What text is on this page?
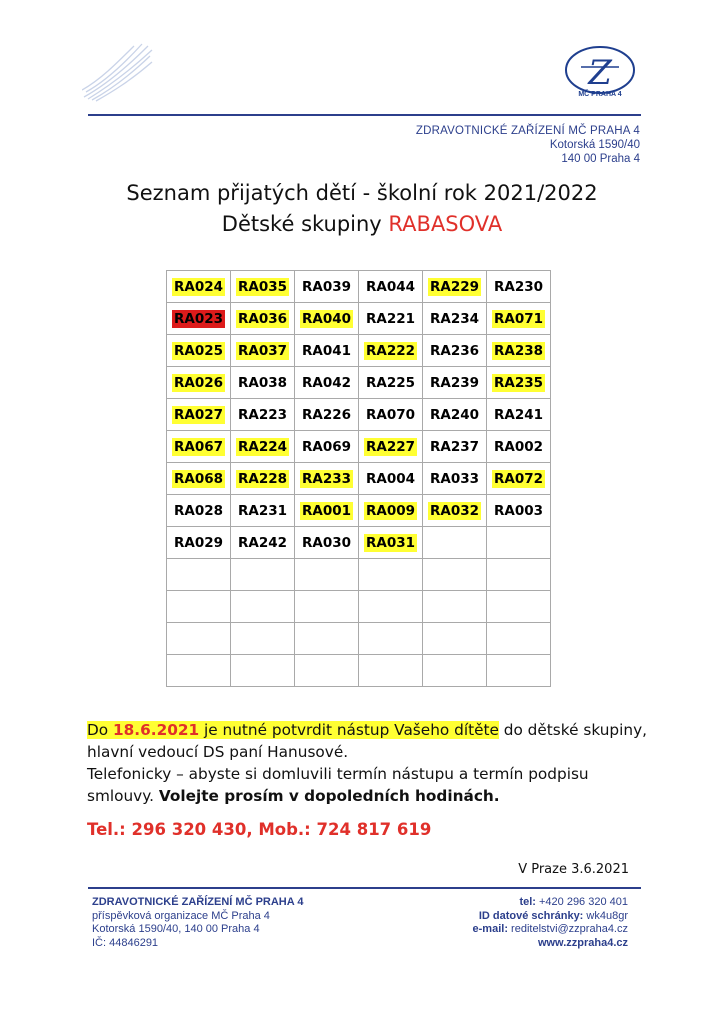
Z
MČ PRAHA 4
ZDRAVOTNICKÉ ZAŘÍZENÍ MČ PRAHA 4
Kotorská 1590/40
140 00 Praha 4
Seznam přijatých dětí - školní rok 2021/2022
Dětské skupiny RABASOVA
RA024	RA035	RA039	RA044	RA229	RA230
RA023	RA036	RA040	RA221	RA234	RA071
RA025	RA037	RA041	RA222	RA236	RA238
RA026	RA038	RA042	RA225	RA239	RA235
RA027	RA223	RA226	RA070	RA240	RA241
RA067	RA224	RA069	RA227	RA237	RA002
RA068	RA228	RA233	RA004	RA033	RA072
RA028	RA231	RA001	RA009	RA032	RA003
RA029	RA242	RA030	RA031		

Do 18.6.2021 je nutné potvrdit nástup Vašeho dítěte do dětské skupiny, hlavní vedoucí DS paní Hanusové.
Telefonicky – abyste si domluvili termín nástupu a termín podpisu smlouvy. Volejte prosím v dopoledních hodinách.
Tel.: 296 320 430, Mob.: 724 817 619
V Praze 3.6.2021
ZDRAVOTNICKÉ ZAŘÍZENÍ MČ PRAHA 4
příspěvková organizace MČ Praha 4
Kotorská 1590/40, 140 00 Praha 4
IČ: 44846291
tel: +420 296 320 401
ID datové schránky: wk4u8gr
e-mail: reditelstvi@zzpraha4.cz
www.zzpraha4.cz
